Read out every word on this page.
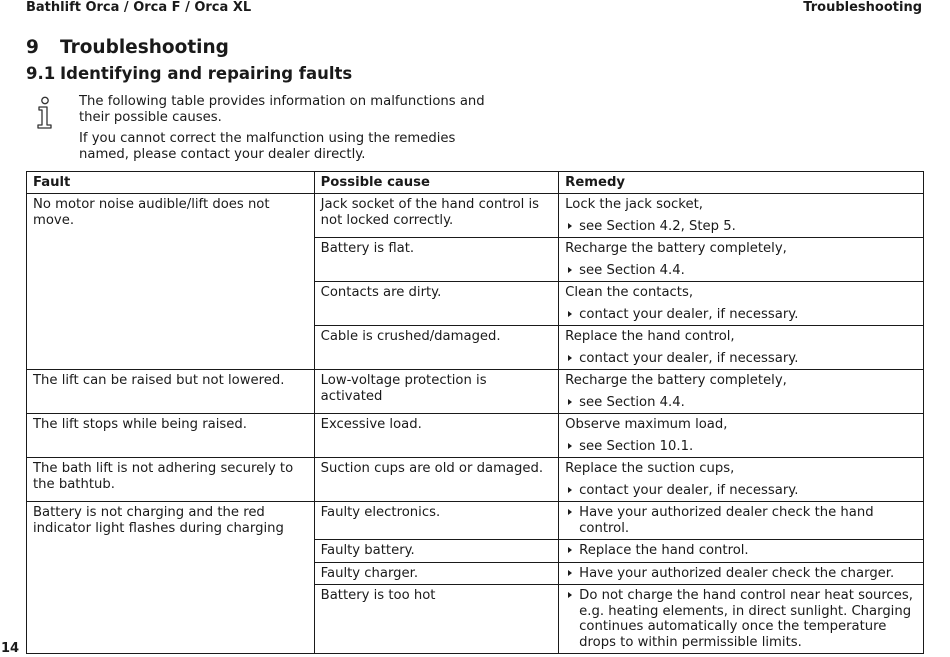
Bathlift Orca / Orca F / Orca XL	Troubleshooting
9 Troubleshooting
9.1 Identifying and repairing faults
The following table provides information on malfunctions and their possible causes.
If you cannot correct the malfunction using the remedies named, please contact your dealer directly.
Fault	Possible cause	Remedy
No motor noise audible/lift does not move.	Jack socket of the hand control is not locked correctly.	Lock the jack socket,
see Section 4.2, Step 5.

	Battery is flat.	Recharge the battery completely,
see Section 4.4.

	Contacts are dirty.	Clean the contacts,
contact your dealer, if necessary.

	Cable is crushed/damaged.	Replace the hand control,
contact your dealer, if necessary.

The lift can be raised but not lowered.	Low-voltage protection is activated	Recharge the battery completely,
see Section 4.4.

The lift stops while being raised.	Excessive load.	Observe maximum load,
see Section 10.1.

The bath lift is not adhering securely to the bathtub.	Suction cups are old or damaged.	Replace the suction cups,
contact your dealer, if necessary.

Battery is not charging and the red indicator light flashes during charging	Faulty electronics.	Have your authorized dealer check the hand control.

	Faulty battery.	Replace the hand control.

	Faulty charger.	Have your authorized dealer check the charger.

	Battery is too hot	Do not charge the hand control near heat sources, e.g. heating elements, in direct sunlight. Charging continues automatically once the temperature drops to within permissible limits.
14
